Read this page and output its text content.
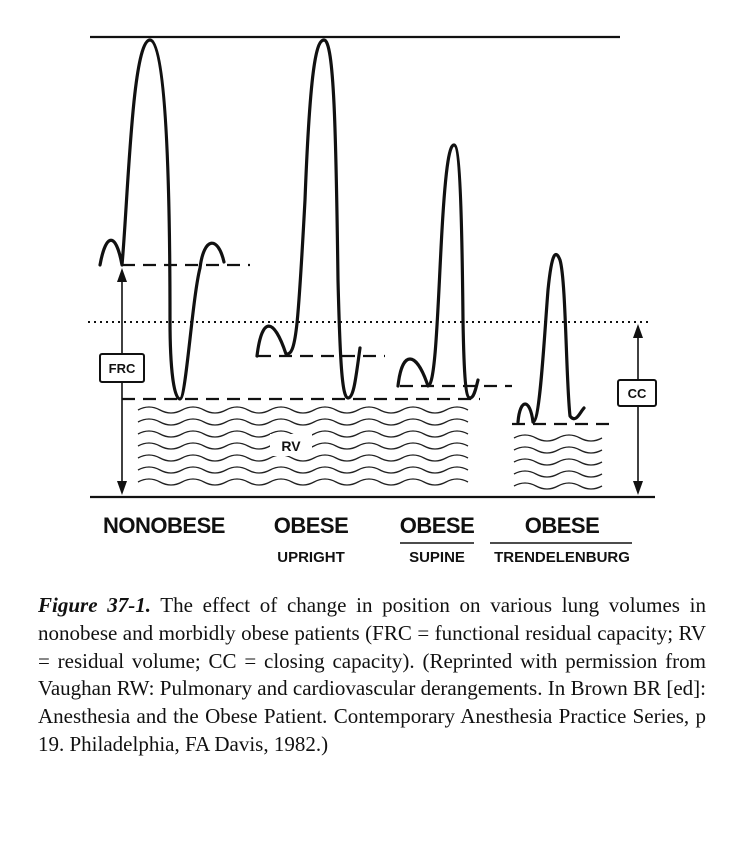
FRC
CC
RV
NONOBESE OBESE
UPRIGHT
OBESE
SUPINE
OBESE
TRENDELENBURG

Figure 37-1. The effect of change in position on various lung volumes in nonobese and morbidly obese patients (FRC = functional residual capacity; RV = residual volume; CC = closing capacity). (Reprinted with permission from Vaughan RW: Pulmonary and cardiovascular derangements. In Brown BR [ed]: Anesthesia and the Obese Patient. Contemporary Anesthesia Practice Series, p 19. Philadelphia, FA Davis, 1982.)
